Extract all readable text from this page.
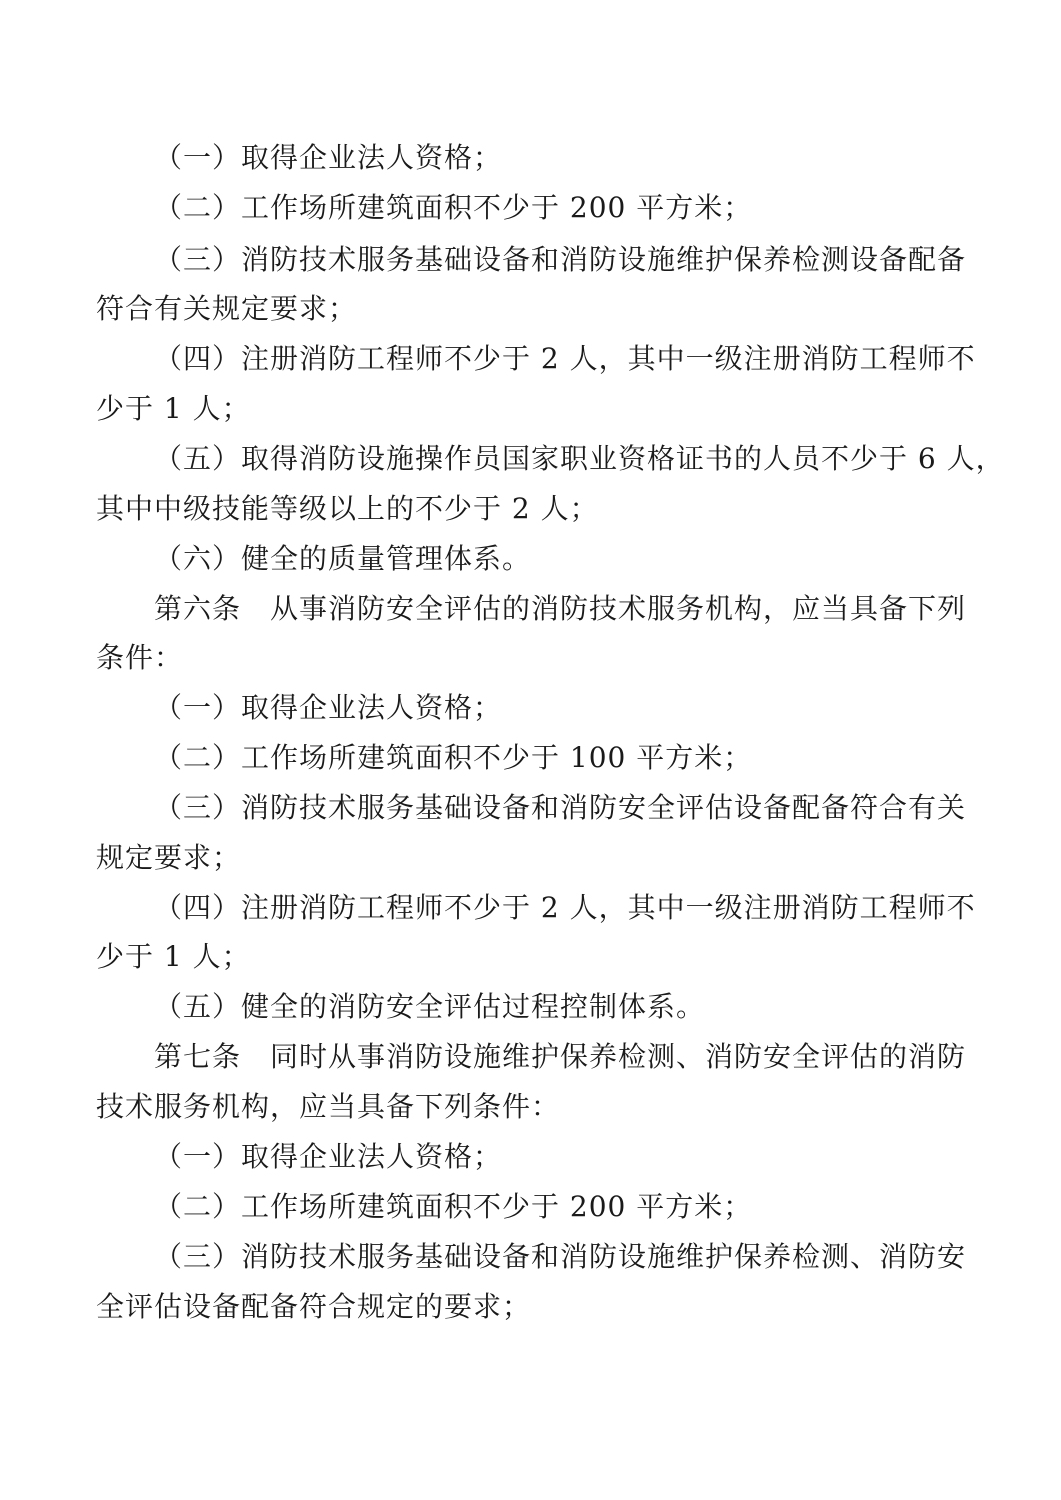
（一）取得企业法人资格；
（二）工作场所建筑面积不少于 200 平方米；
（三）消防技术服务基础设备和消防设施维护保养检测设备配备
符合有关规定要求；
（四）注册消防工程师不少于 2 人，其中一级注册消防工程师不
少于 1 人；
（五）取得消防设施操作员国家职业资格证书的人员不少于 6 人，
其中中级技能等级以上的不少于 2 人；
（六）健全的质量管理体系。
第六条　从事消防安全评估的消防技术服务机构，应当具备下列
条件：
（一）取得企业法人资格；
（二）工作场所建筑面积不少于 100 平方米；
（三）消防技术服务基础设备和消防安全评估设备配备符合有关
规定要求；
（四）注册消防工程师不少于 2 人，其中一级注册消防工程师不
少于 1 人；
（五）健全的消防安全评估过程控制体系。
第七条　同时从事消防设施维护保养检测、消防安全评估的消防
技术服务机构，应当具备下列条件：
（一）取得企业法人资格；
（二）工作场所建筑面积不少于 200 平方米；
（三）消防技术服务基础设备和消防设施维护保养检测、消防安
全评估设备配备符合规定的要求；
